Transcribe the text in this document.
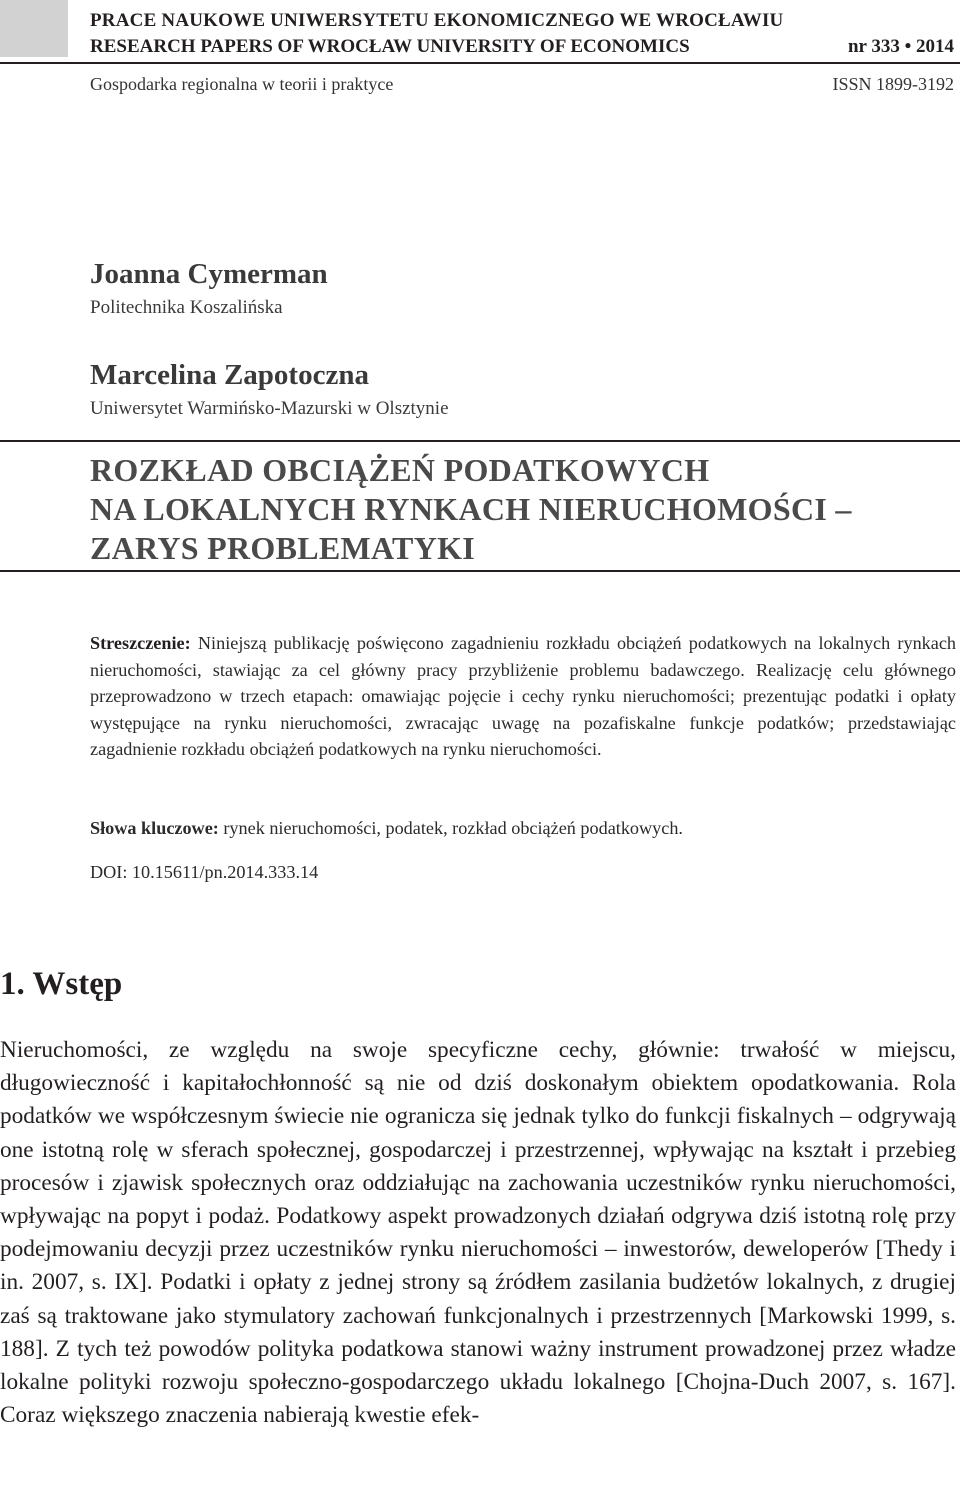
PRACE NAUKOWE UNIWERSYTETU EKONOMICZNEGO WE WROCŁAWIU
RESEARCH PAPERS OF WROCŁAW UNIVERSITY OF ECONOMICS	nr 333 • 2014
Gospodarka regionalna w teorii i praktyce	ISSN 1899-3192
Joanna Cymerman
Politechnika Koszalińska
Marcelina Zapotoczna
Uniwersytet Warmińsko-Mazurski w Olsztynie
ROZKŁAD OBCIĄŻEŃ PODATKOWYCH
NA LOKALNYCH RYNKACH NIERUCHOMOŚCI –
ZARYS PROBLEMATYKI
Streszczenie: Niniejszą publikację poświęcono zagadnieniu rozkładu obciążeń podatkowych na lokalnych rynkach nieruchomości, stawiając za cel główny pracy przybliżenie problemu badawczego. Realizację celu głównego przeprowadzono w trzech etapach: omawiając pojęcie i cechy rynku nieruchomości; prezentując podatki i opłaty występujące na rynku nieruchomości, zwracając uwagę na pozafiskalne funkcje podatków; przedstawiając zagadnienie rozkładu obciążeń podatkowych na rynku nieruchomości.
Słowa kluczowe: rynek nieruchomości, podatek, rozkład obciążeń podatkowych.
DOI: 10.15611/pn.2014.333.14
1. Wstęp
Nieruchomości, ze względu na swoje specyficzne cechy, głównie: trwałość w miejscu, długowieczność i kapitałochłonność są nie od dziś doskonałym obiektem opodatkowania. Rola podatków we współczesnym świecie nie ogranicza się jednak tylko do funkcji fiskalnych – odgrywają one istotną rolę w sferach społecznej, gospodarczej i przestrzennej, wpływając na kształt i przebieg procesów i zjawisk społecznych oraz oddziałując na zachowania uczestników rynku nieruchomości, wpływając na popyt i podaż. Podatkowy aspekt prowadzonych działań odgrywa dziś istotną rolę przy podejmowaniu decyzji przez uczestników rynku nieruchomości – inwestorów, deweloperów [Thedy i in. 2007, s. IX]. Podatki i opłaty z jednej strony są źródłem zasilania budżetów lokalnych, z drugiej zaś są traktowane jako stymulatory zachowań funkcjonalnych i przestrzennych [Markowski 1999, s. 188]. Z tych też powodów polityka podatkowa stanowi ważny instrument prowadzonej przez władze lokalne polityki rozwoju społeczno-gospodarczego układu lokalnego [Chojna-Duch 2007, s. 167]. Coraz większego znaczenia nabierają kwestie efek-
